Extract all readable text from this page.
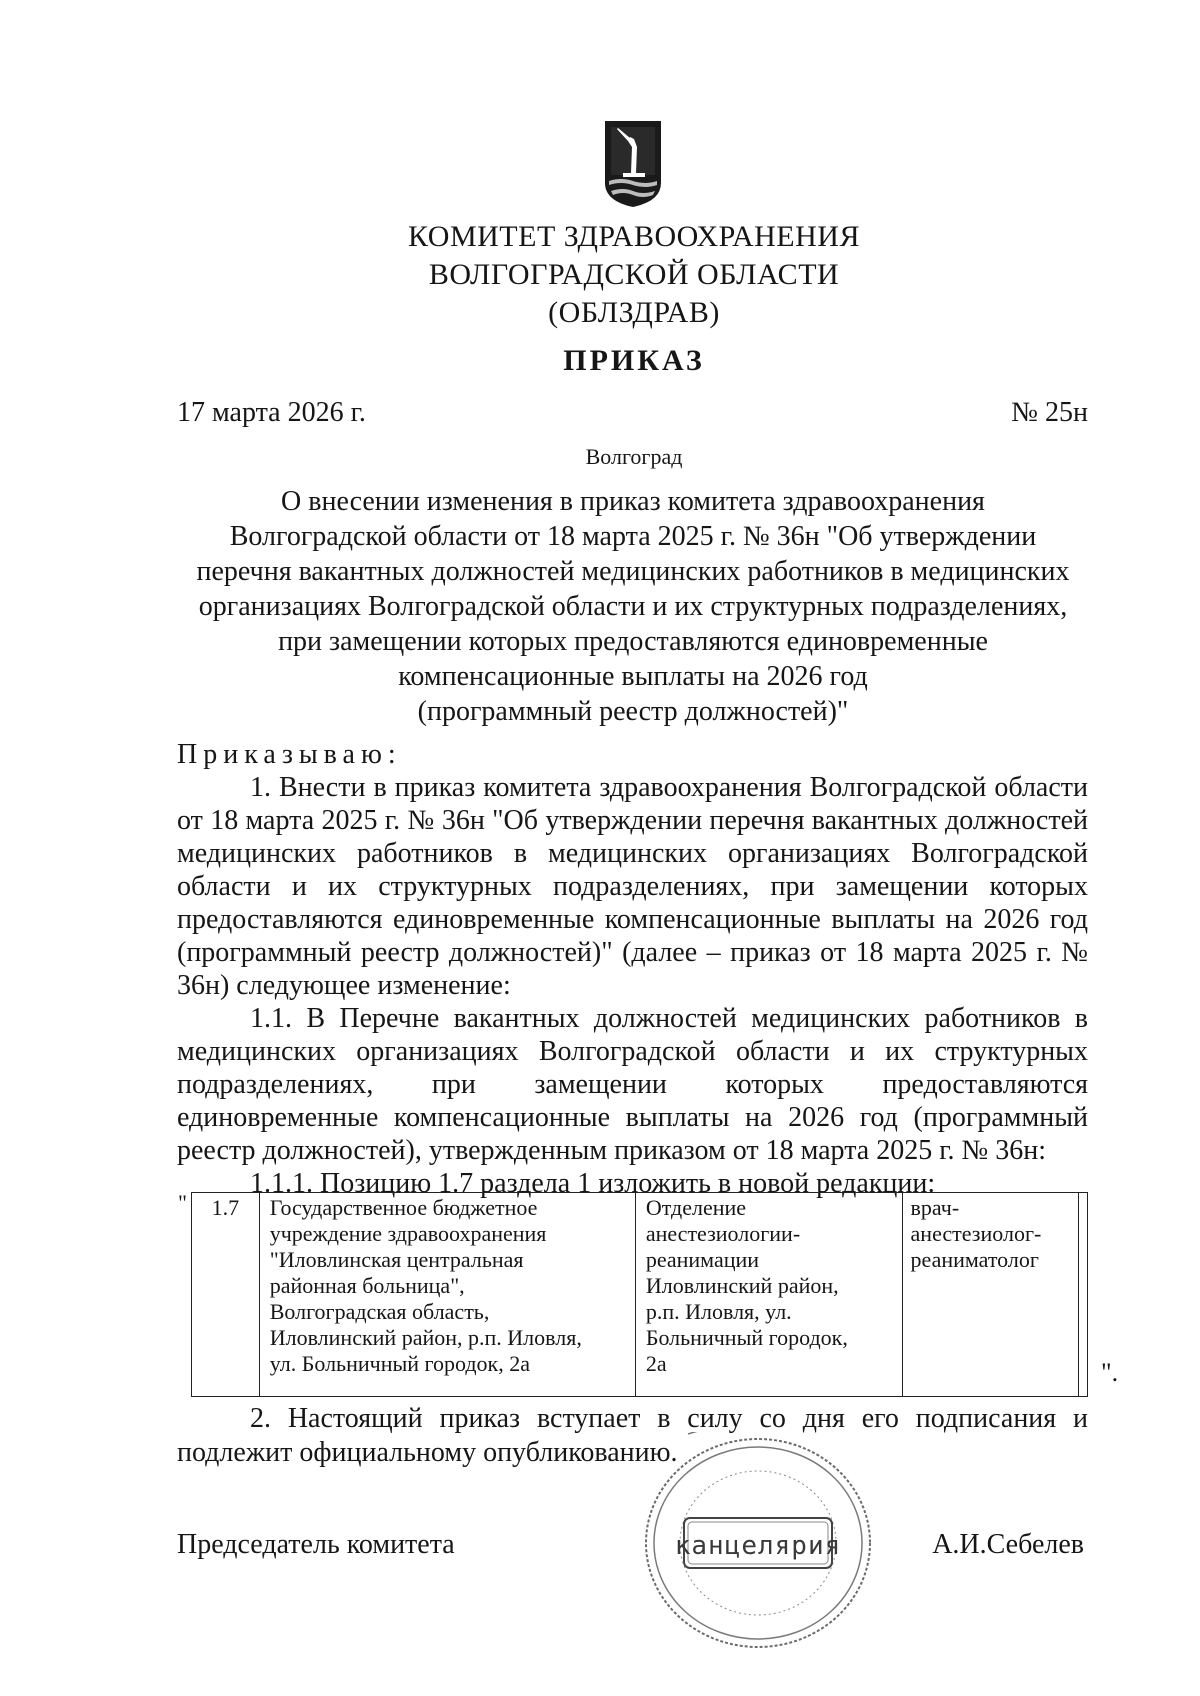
КОМИТЕТ ЗДРАВООХРАНЕНИЯ
ВОЛГОГРАДСКОЙ ОБЛАСТИ
(ОБЛЗДРАВ)
ПРИКАЗ
17 марта 2026 г.	№ 25н
Волгоград
О внесении изменения в приказ комитета здравоохранения
Волгоградской области от 18 марта 2025 г. № 36н "Об утверждении
перечня вакантных должностей медицинских работников в медицинских
организациях Волгоградской области и их структурных подразделениях,
при замещении которых предоставляются единовременные
компенсационные выплаты на 2026 год
(программный реестр должностей)"

Приказываю:

1. Внести в приказ комитета здравоохранения Волгоградской области от 18 марта 2025 г. № 36н "Об утверждении перечня вакантных должностей медицинских работников в медицинских организациях Волгоградской области и их структурных подразделениях, при замещении которых предоставляются единовременные компенсационные выплаты на 2026 год (программный реестр должностей)" (далее – приказ от 18 марта 2025 г. № 36н) следующее изменение:

1.1. В Перечне вакантных должностей медицинских работников в медицинских организациях Волгоградской области и их структурных подразделениях, при замещении которых предоставляются единовременные компенсационные выплаты на 2026 год (программный реестр должностей), утвержденным приказом от 18 марта 2025 г. № 36н:

1.1.1. Позицию 1.7 раздела 1 изложить в новой редакции:

" 1.7	Государственное бюджетное
учреждение здравоохранения
"Иловлинская центральная
районная больница",
Волгоградская область,
Иловлинский район, р.п. Иловля,
ул. Больничный городок, 2а

Отделение
анестезиологии-
реанимации
Иловлинский район,
р.п. Иловля, ул.
Больничный городок,
2а

врач-
анестезиолог-
реаниматолог

".

2. Настоящий приказ вступает в силу со дня его подписания и подлежит официальному опубликованию.

Председатель комитета	А.И.Себелев
канцелярия
